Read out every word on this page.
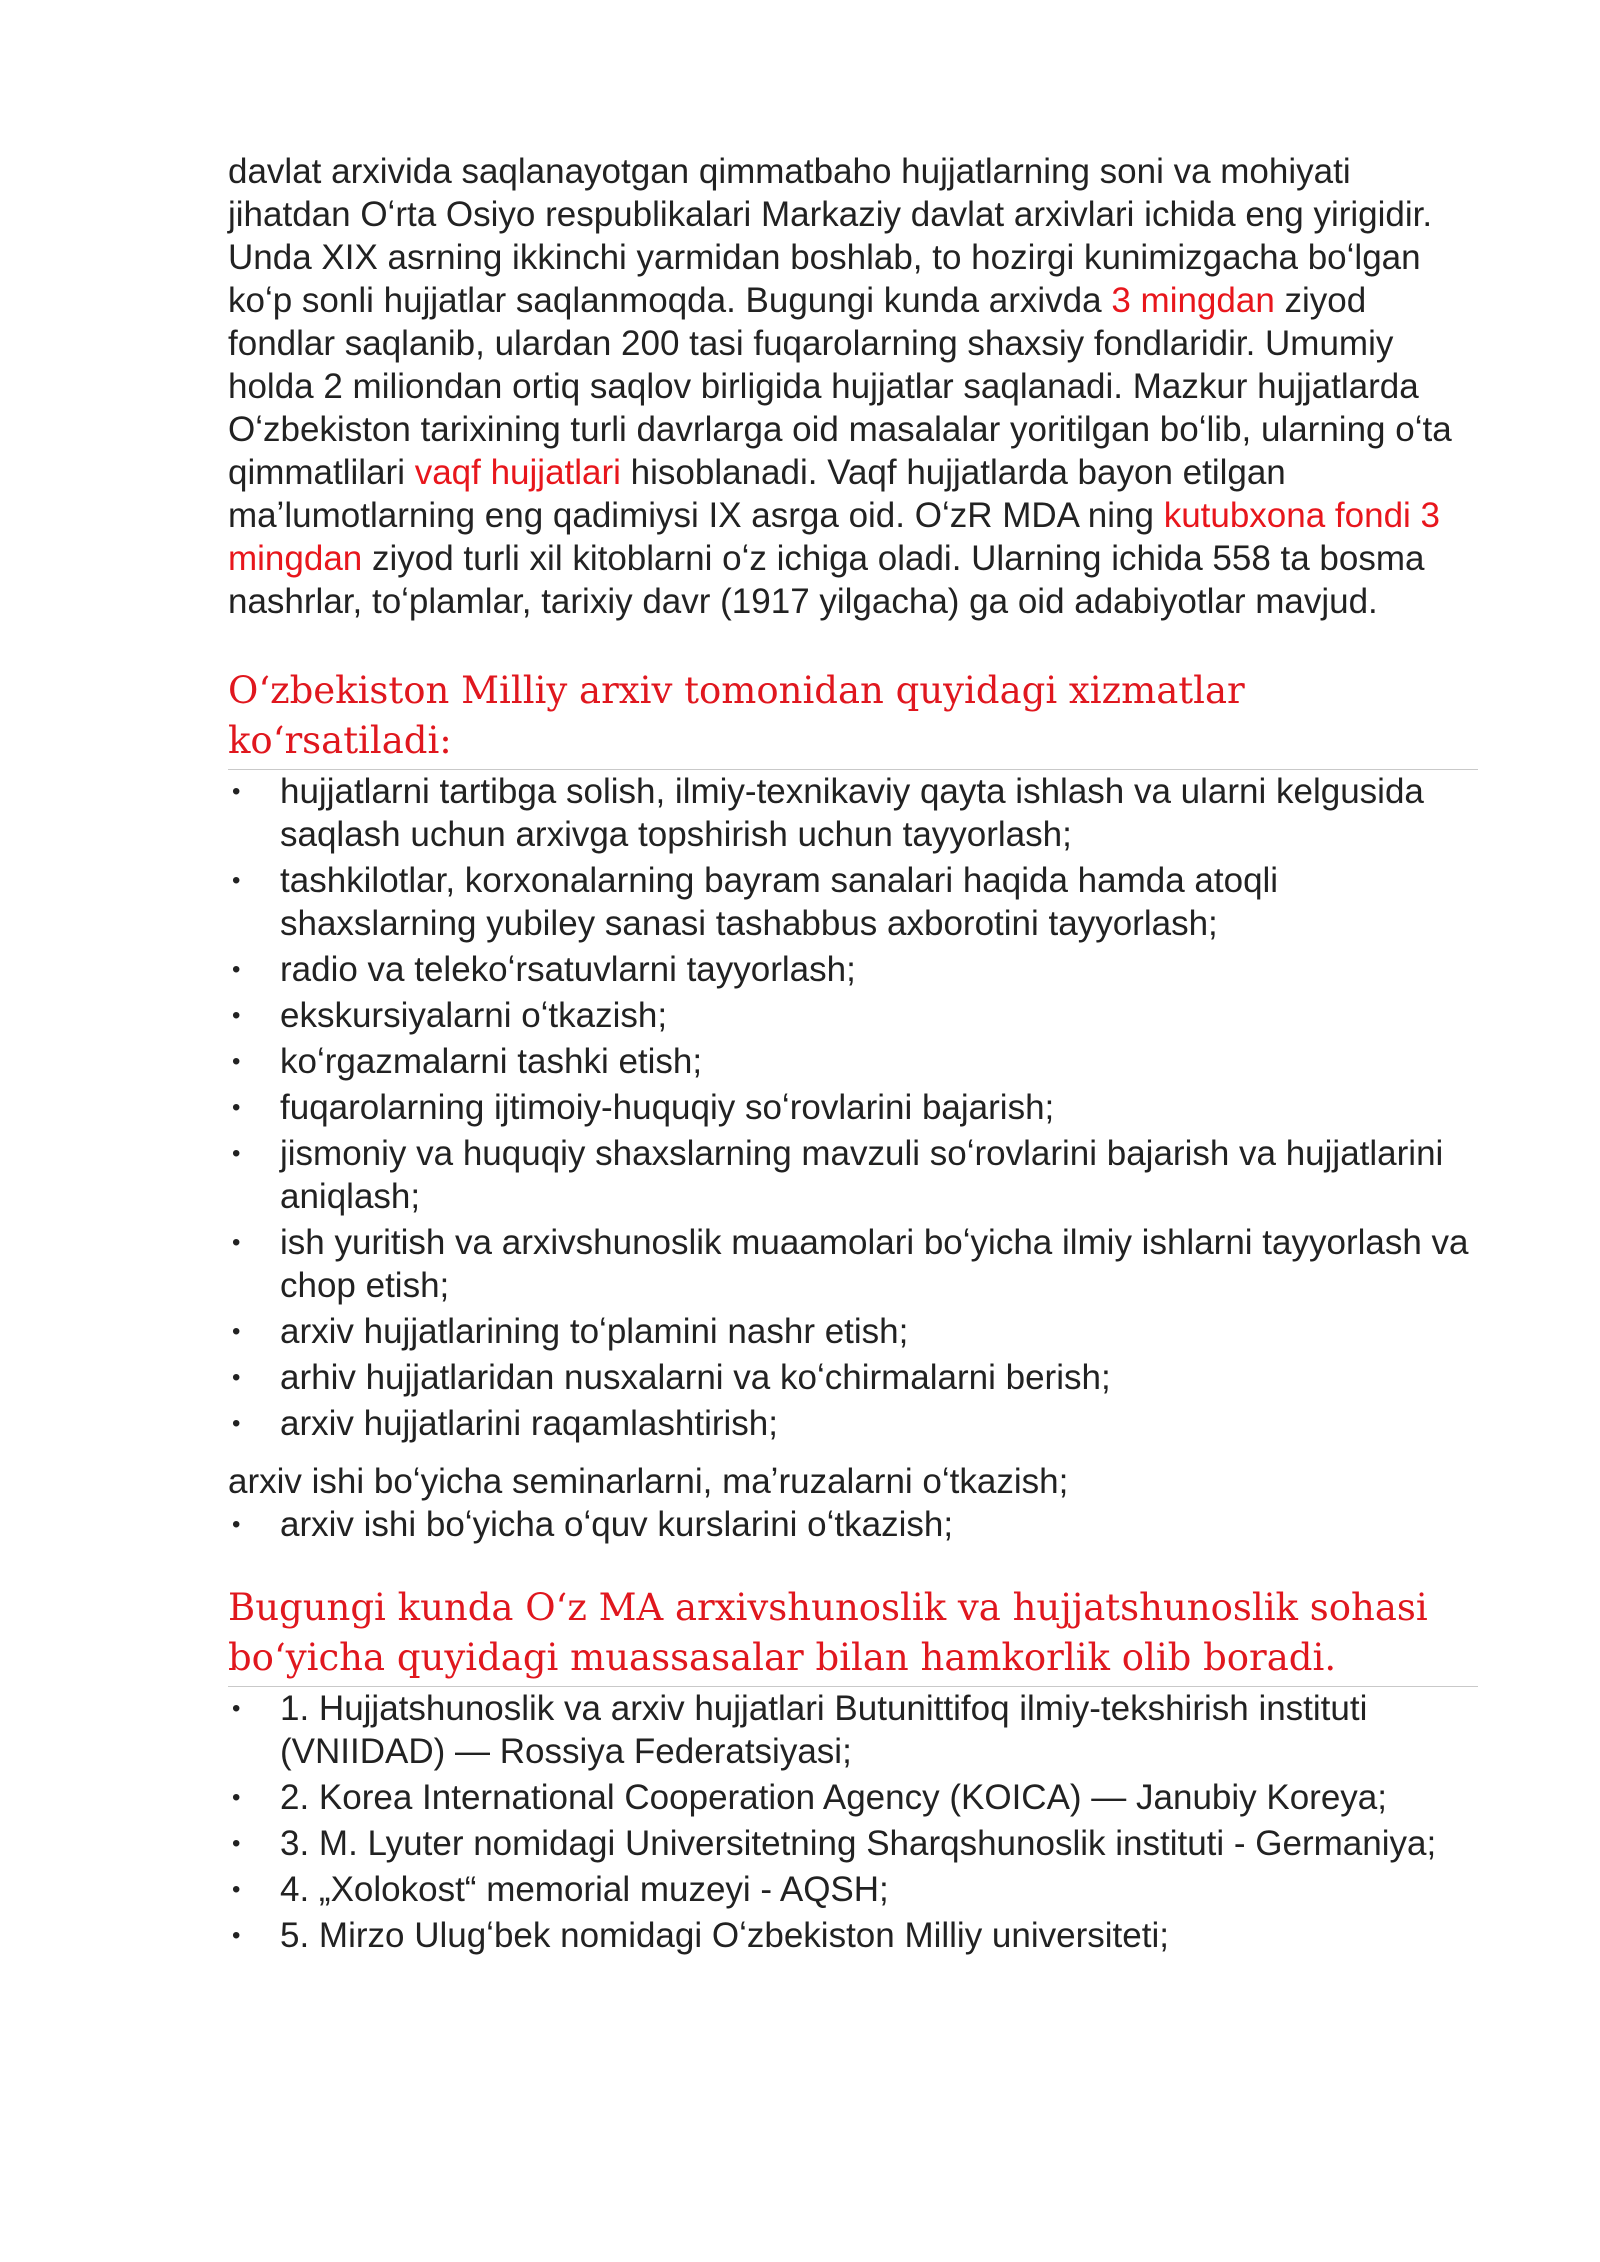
davlat arxivida saqlanayotgan qimmatbaho hujjatlarning soni va mohiyati jihatdan Oʻrta Osiyo respublikalari Markaziy davlat arxivlari ichida eng yirigidir. Unda XIX asrning ikkinchi yarmidan boshlab, to hozirgi kunimizgacha boʻlgan koʻp sonli hujjatlar saqlanmoqda. Bugungi kunda arxivda 3 mingdan ziyod fondlar saqlanib, ulardan 200 tasi fuqarolarning shaxsiy fondlaridir. Umumiy holda 2 miliondan ortiq saqlov birligida hujjatlar saqlanadi. Mazkur hujjatlarda Oʻzbekiston tarixining turli davrlarga oid masalalar yoritilgan boʻlib, ularning oʻta qimmatlilari vaqf hujjatlari hisoblanadi. Vaqf hujjatlarda bayon etilgan maʼlumotlarning eng qadimiysi IX asrga oid. OʻzR MDA ning kutubxona fondi 3 mingdan ziyod turli xil kitoblarni oʻz ichiga oladi. Ularning ichida 558 ta bosma nashrlar, toʻplamlar, tarixiy davr (1917 yilgacha) ga oid adabiyotlar mavjud.

Oʻzbekiston Milliy arxiv tomonidan quyidagi xizmatlar koʻrsatiladi:
•	hujjatlarni tartibga solish, ilmiy-texnikaviy qayta ishlash va ularni kelgusida saqlash uchun arxivga topshirish uchun tayyorlash;
•	tashkilotlar, korxonalarning bayram sanalari haqida hamda atoqli shaxslarning yubiley sanasi tashabbus axborotini tayyorlash;
•	radio va telekoʻrsatuvlarni tayyorlash;
•	ekskursiyalarni oʻtkazish;
•	koʻrgazmalarni tashki etish;
•	fuqarolarning ijtimoiy-huquqiy soʻrovlarini bajarish;
•	jismoniy va huquqiy shaxslarning mavzuli soʻrovlarini bajarish va hujjatlarini aniqlash;
•	ish yuritish va arxivshunoslik muaamolari boʻyicha ilmiy ishlarni tayyorlash va chop etish;
•	arxiv hujjatlarining toʻplamini nashr etish;
•	arhiv hujjatlaridan nusxalarni va koʻchirmalarni berish;
•	arxiv hujjatlarini raqamlashtirish;

arxiv ishi boʻyicha seminarlarni, maʼruzalarni oʻtkazish;

•	arxiv ishi boʻyicha oʻquv kurslarini oʻtkazish;
Bugungi kunda Oʻz MA arxivshunoslik va hujjatshunoslik sohasi boʻyicha quyidagi muassasalar bilan hamkorlik olib boradi.
•	1. Hujjatshunoslik va arxiv hujjatlari Butunittifoq ilmiy-tekshirish instituti (VNIIDAD) — Rossiya Federatsiyasi;
•	2. Korea International Cooperation Agency (KOICA) — Janubiy Koreya;
•	3. M. Lyuter nomidagi Universitetning Sharqshunoslik instituti - Germaniya;
•	4. „Xolokost“ memorial muzeyi - AQSH;
•	5. Mirzo Ulugʻbek nomidagi Oʻzbekiston Milliy universiteti;
